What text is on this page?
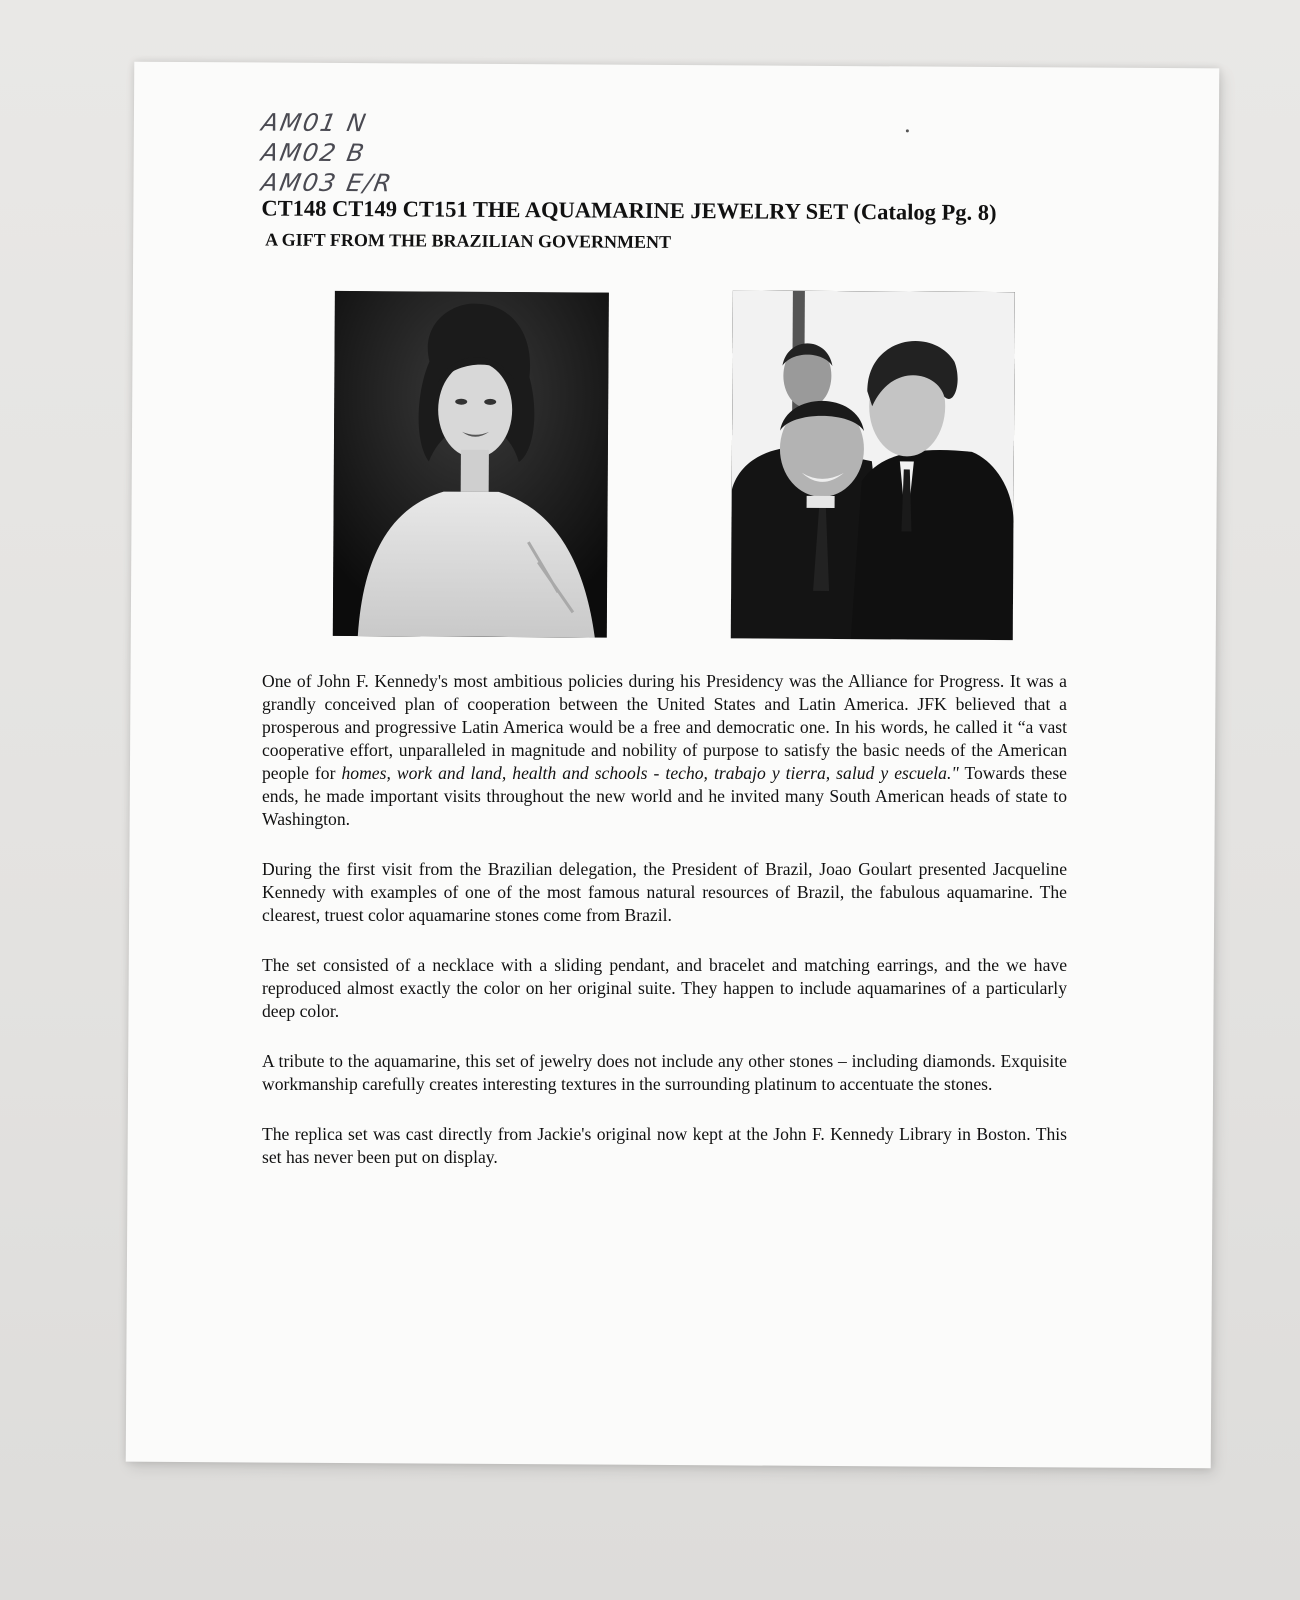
AM01 N
AM02 B
AM03 E/R
CT148 CT149 CT151 THE AQUAMARINE JEWELRY SET (Catalog Pg. 8)
A GIFT FROM THE BRAZILIAN GOVERNMENT

One of John F. Kennedy's most ambitious policies during his Presidency was the Alliance for Progress. It was a grandly conceived plan of cooperation between the United States and Latin America. JFK believed that a prosperous and progressive Latin America would be a free and democratic one. In his words, he called it “a vast cooperative effort, unparalleled in magnitude and nobility of purpose to satisfy the basic needs of the American people for homes, work and land, health and schools - techo, trabajo y tierra, salud y escuela." Towards these ends, he made important visits throughout the new world and he invited many South American heads of state to Washington.

During the first visit from the Brazilian delegation, the President of Brazil, Joao Goulart presented Jacqueline Kennedy with examples of one of the most famous natural resources of Brazil, the fabulous aquamarine. The clearest, truest color aquamarine stones come from Brazil.

The set consisted of a necklace with a sliding pendant, and bracelet and matching earrings, and the we have reproduced almost exactly the color on her original suite. They happen to include aquamarines of a particularly deep color.

A tribute to the aquamarine, this set of jewelry does not include any other stones – including diamonds. Exquisite workmanship carefully creates interesting textures in the surrounding platinum to accentuate the stones.

The replica set was cast directly from Jackie's original now kept at the John F. Kennedy Library in Boston. This set has never been put on display.
